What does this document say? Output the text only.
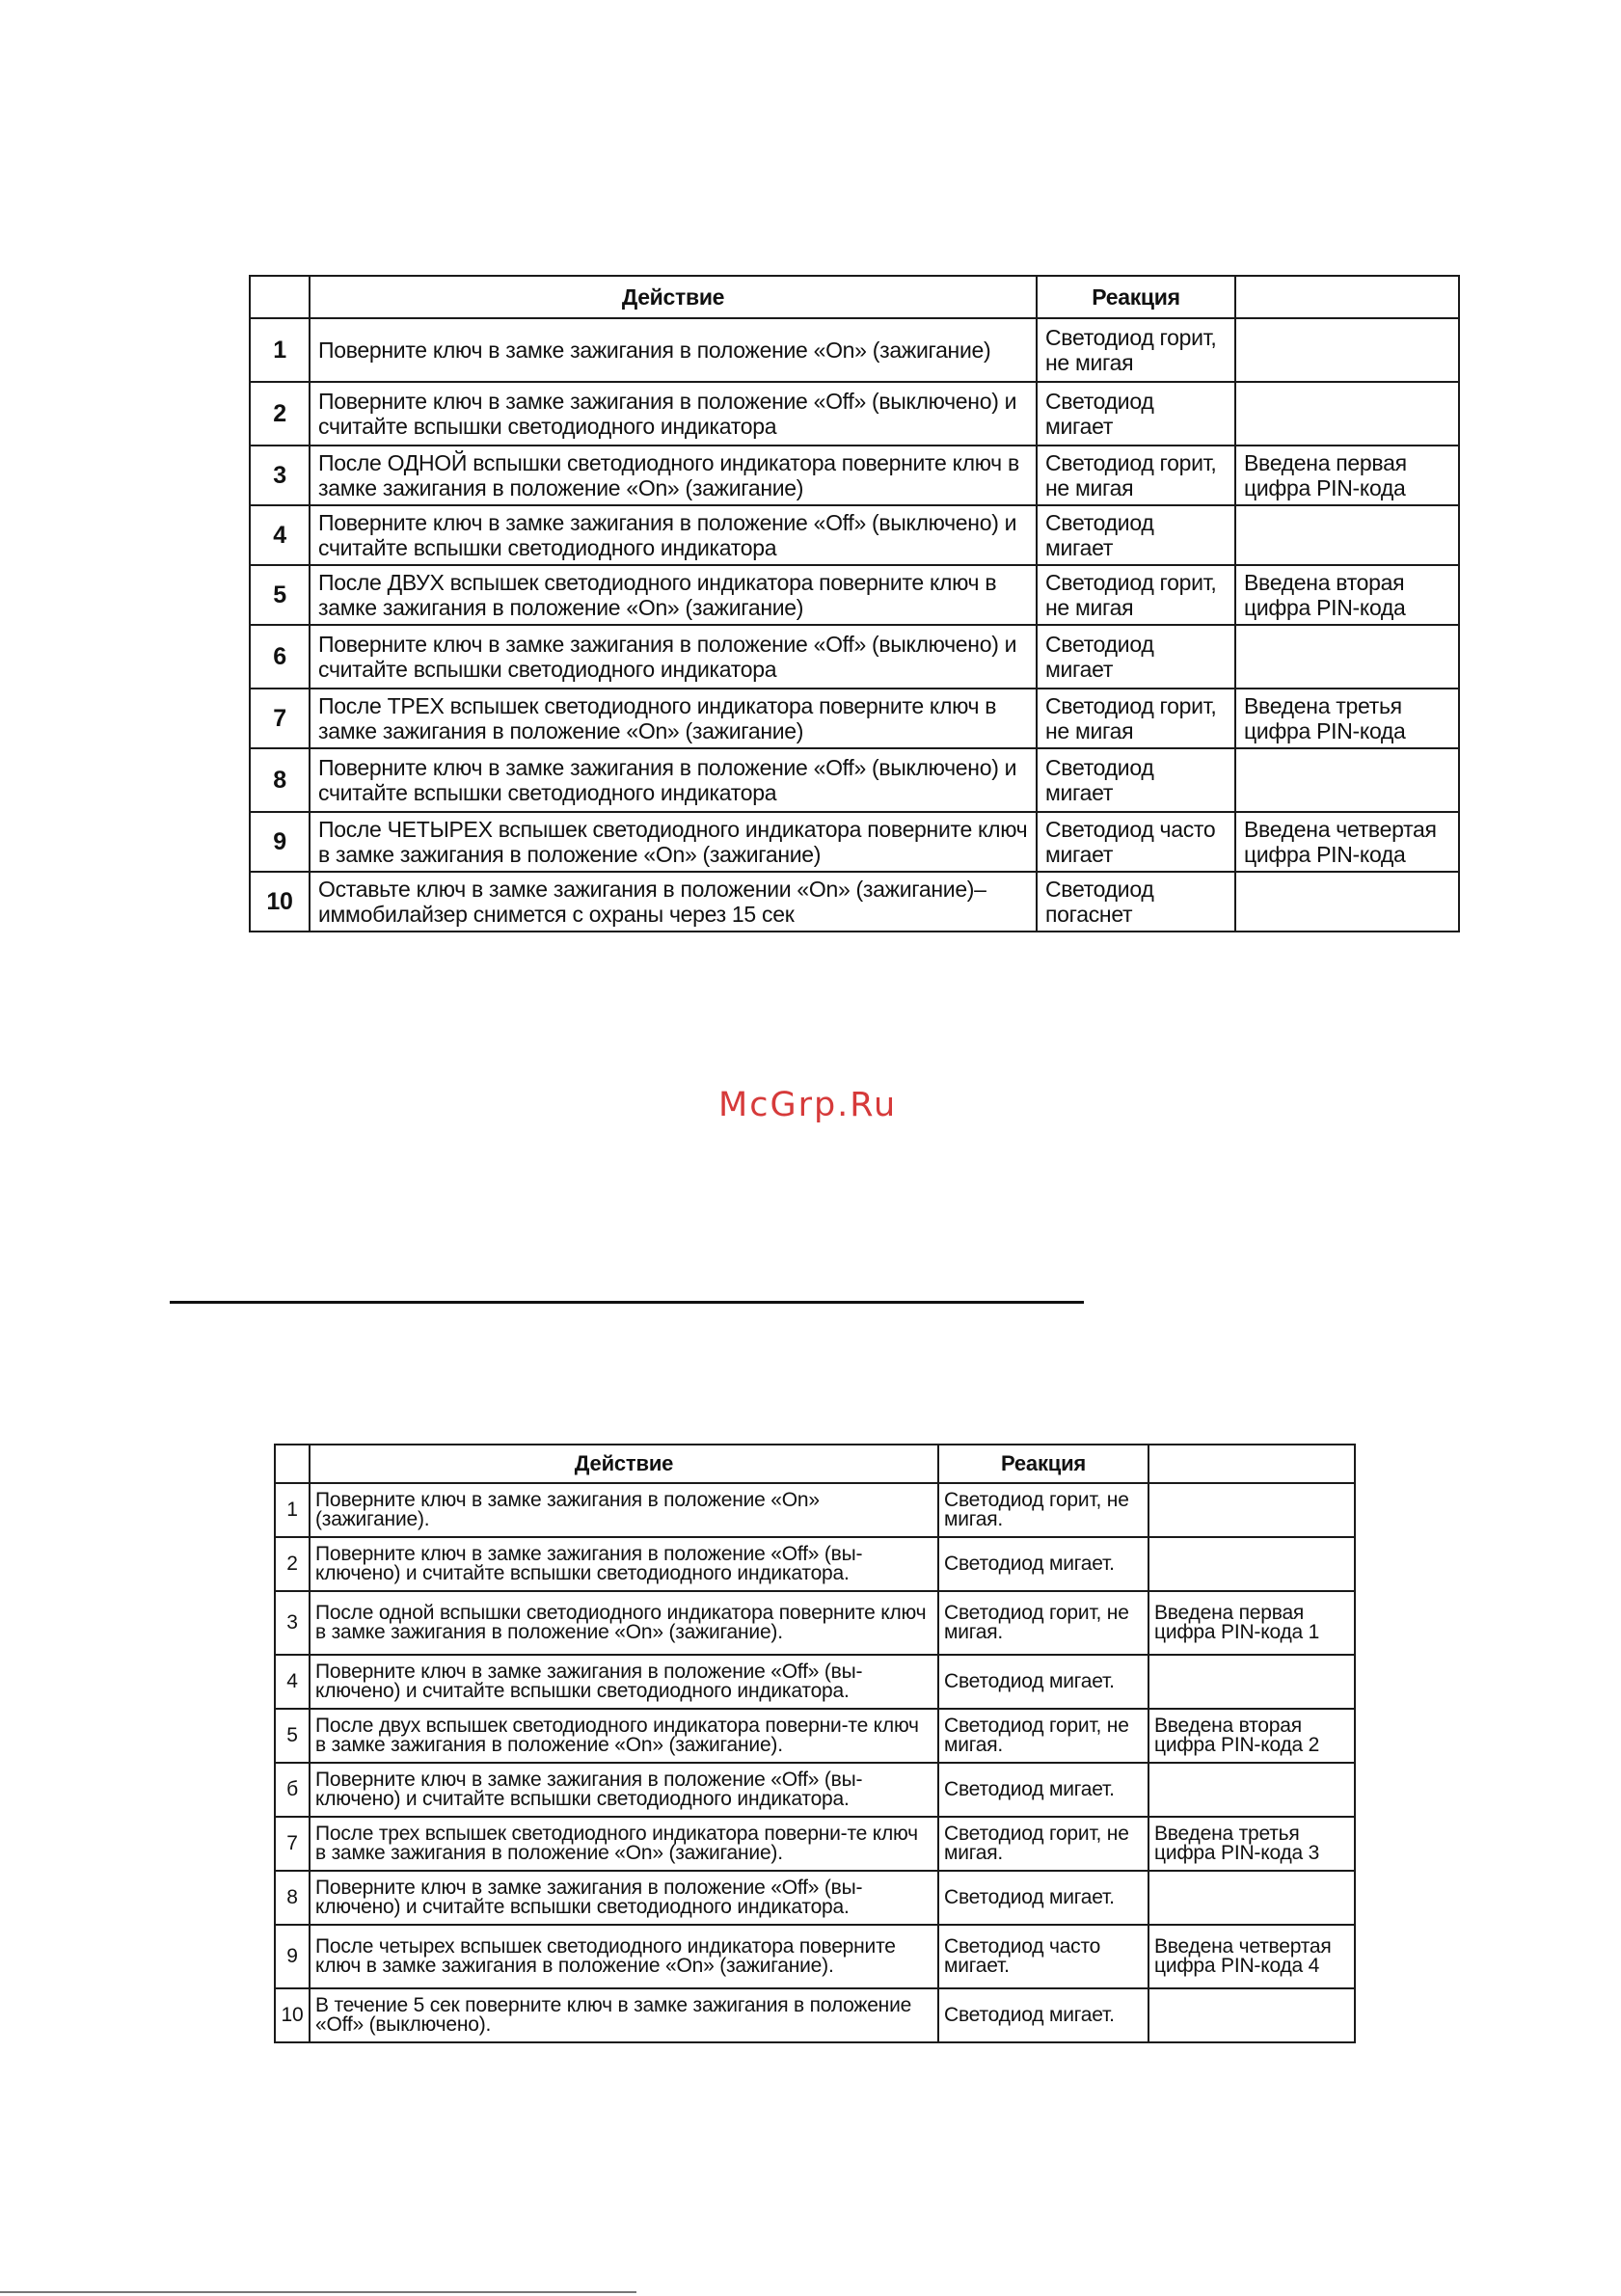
	Действие	Реакция	
1	Поверните ключ в замке зажигания в положение «On» (зажигание)	Светодиод горит, не мигая	
2	Поверните ключ в замке зажигания в положение «Off» (выключено) и считайте вспышки светодиодного индикатора	Светодиод мигает	
3	После ОДНОЙ вспышки светодиодного индикатора поверните ключ в замке зажигания в положение «On» (зажигание)	Светодиод горит, не мигая	Введена первая цифра PIN-кода
4	Поверните ключ в замке зажигания в положение «Off» (выключено) и считайте вспышки светодиодного индикатора	Светодиод мигает	
5	После ДВУХ вспышек светодиодного индикатора поверните ключ в замке зажигания в положение «On» (зажигание)	Светодиод горит, не мигая	Введена вторая цифра PIN-кода
6	Поверните ключ в замке зажигания в положение «Off» (выключено) и считайте вспышки светодиодного индикатора	Светодиод мигает	
7	После ТРЕХ вспышек светодиодного индикатора поверните ключ в замке зажигания в положение «On» (зажигание)	Светодиод горит, не мигая	Введена третья цифра PIN-кода
8	Поверните ключ в замке зажигания в положение «Off» (выключено) и считайте вспышки светодиодного индикатора	Светодиод мигает	
9	После ЧЕТЫРЕХ вспышек светодиодного индикатора поверните ключ в замке зажигания в положение «On» (зажигание)	Светодиод часто мигает	Введена четвертая цифра PIN-кода
10	Оставьте ключ в замке зажигания в положении «On» (зажигание)– иммобилайзер снимется с охраны через 15 сек	Светодиод погаснет	
McGrp.Ru
	Действие	Реакция	
1	Поверните ключ в замке зажигания в положение «On» (зажигание).	Светодиод горит, не мигая.	
2	Поверните ключ в замке зажигания в положение «Off» (вы-ключено) и считайте вспышки светодиодного индикатора.	Светодиод мигает.	
3	После одной вспышки светодиодного индикатора поверните ключ в замке зажигания в положение «On» (зажигание).	Светодиод горит, не мигая.	Введена первая цифра PIN-кода 1
4	Поверните ключ в замке зажигания в положение «Off» (вы-ключено) и считайте вспышки светодиодного индикатора.	Светодиод мигает.	
5	После двух вспышек светодиодного индикатора поверни-те ключ в замке зажигания в положение «On» (зажигание).	Светодиод горит, не мигая.	Введена вторая цифра PIN-кода 2
б	Поверните ключ в замке зажигания в положение «Off» (вы-ключено) и считайте вспышки светодиодного индикатора.	Светодиод мигает.	
7	После трех вспышек светодиодного индикатора поверни-те ключ в замке зажигания в положение «On» (зажигание).	Светодиод горит, не мигая.	Введена третья цифра PIN-кода 3
8	Поверните ключ в замке зажигания в положение «Off» (вы-ключено) и считайте вспышки светодиодного индикатора.	Светодиод мигает.	
9	После четырех вспышек светодиодного индикатора поверните ключ в замке зажигания в положение «On» (зажигание).	Светодиод часто мигает.	Введена четвертая цифра PIN-кода 4
10	В течение 5 сек поверните ключ в замке зажигания в положение «Off» (выключено).	Светодиод мигает.	
